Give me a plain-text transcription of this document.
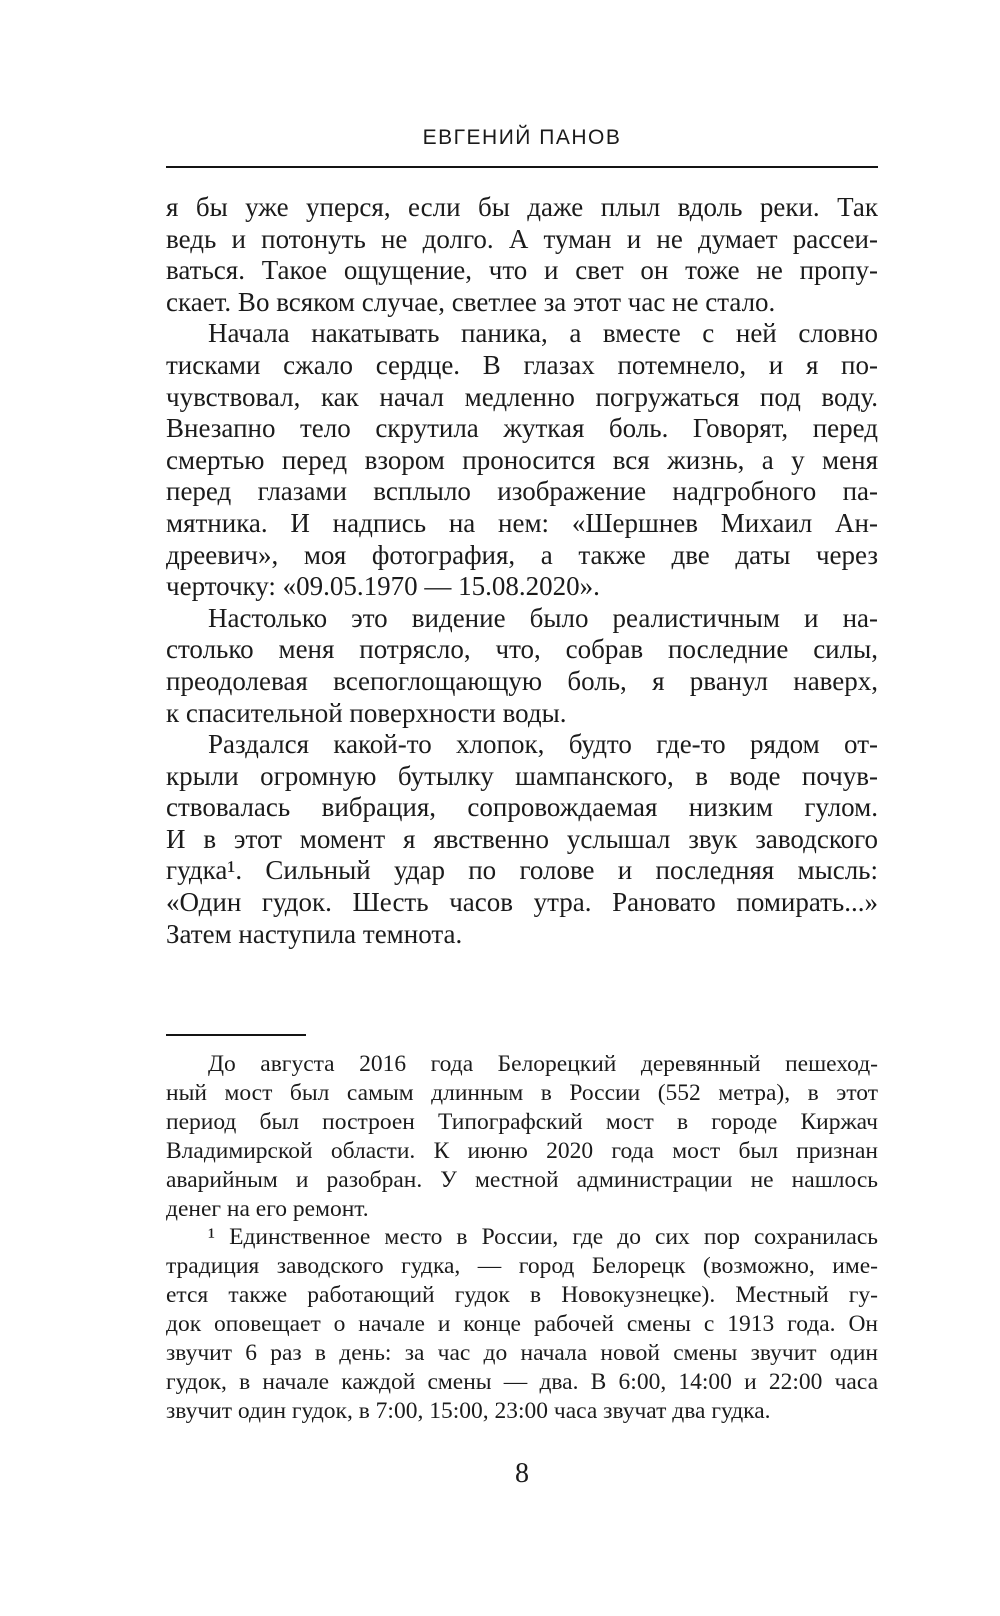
ЕВГЕНИЙ ПАНОВ
я бы уже уперся, если бы даже плыл вдоль реки. Так
ведь и потонуть не долго. А туман и не думает рассеи-
ваться. Такое ощущение, что и свет он тоже не пропу-
скает. Во всяком случае, светлее за этот час не стало.
Начала накатывать паника, а вместе с ней словно
тисками сжало сердце. В глазах потемнело, и я по-
чувствовал, как начал медленно погружаться под воду.
Внезапно тело скрутила жуткая боль. Говорят, перед
смертью перед взором проносится вся жизнь, а у меня
перед глазами всплыло изображение надгробного па-
мятника. И надпись на нем: «Шершнев Михаил Ан-
дреевич», моя фотография, а также две даты через
черточку: «09.05.1970 — 15.08.2020».
Настолько это видение было реалистичным и на-
столько меня потрясло, что, собрав последние силы,
преодолевая всепоглощающую боль, я рванул наверх,
к спасительной поверхности воды.
Раздался какой-то хлопок, будто где-то рядом от-
крыли огромную бутылку шампанского, в воде почув-
ствовалась вибрация, сопровождаемая низким гулом.
И в этот момент я явственно услышал звук заводского
гудка¹. Сильный удар по голове и последняя мысль:
«Один гудок. Шесть часов утра. Рановато помирать...»
Затем наступила темнота.
До августа 2016 года Белорецкий деревянный пешеход-
ный мост был самым длинным в России (552 метра), в этот
период был построен Типографский мост в городе Киржач
Владимирской области. К июню 2020 года мост был признан
аварийным и разобран. У местной администрации не нашлось
денег на его ремонт.
¹ Единственное место в России, где до сих пор сохранилась
традиция заводского гудка, — город Белорецк (возможно, име-
ется также работающий гудок в Новокузнецке). Местный гу-
док оповещает о начале и конце рабочей смены с 1913 года. Он
звучит 6 раз в день: за час до начала новой смены звучит один
гудок, в начале каждой смены — два. В 6:00, 14:00 и 22:00 часа
звучит один гудок, в 7:00, 15:00, 23:00 часа звучат два гудка.
8
